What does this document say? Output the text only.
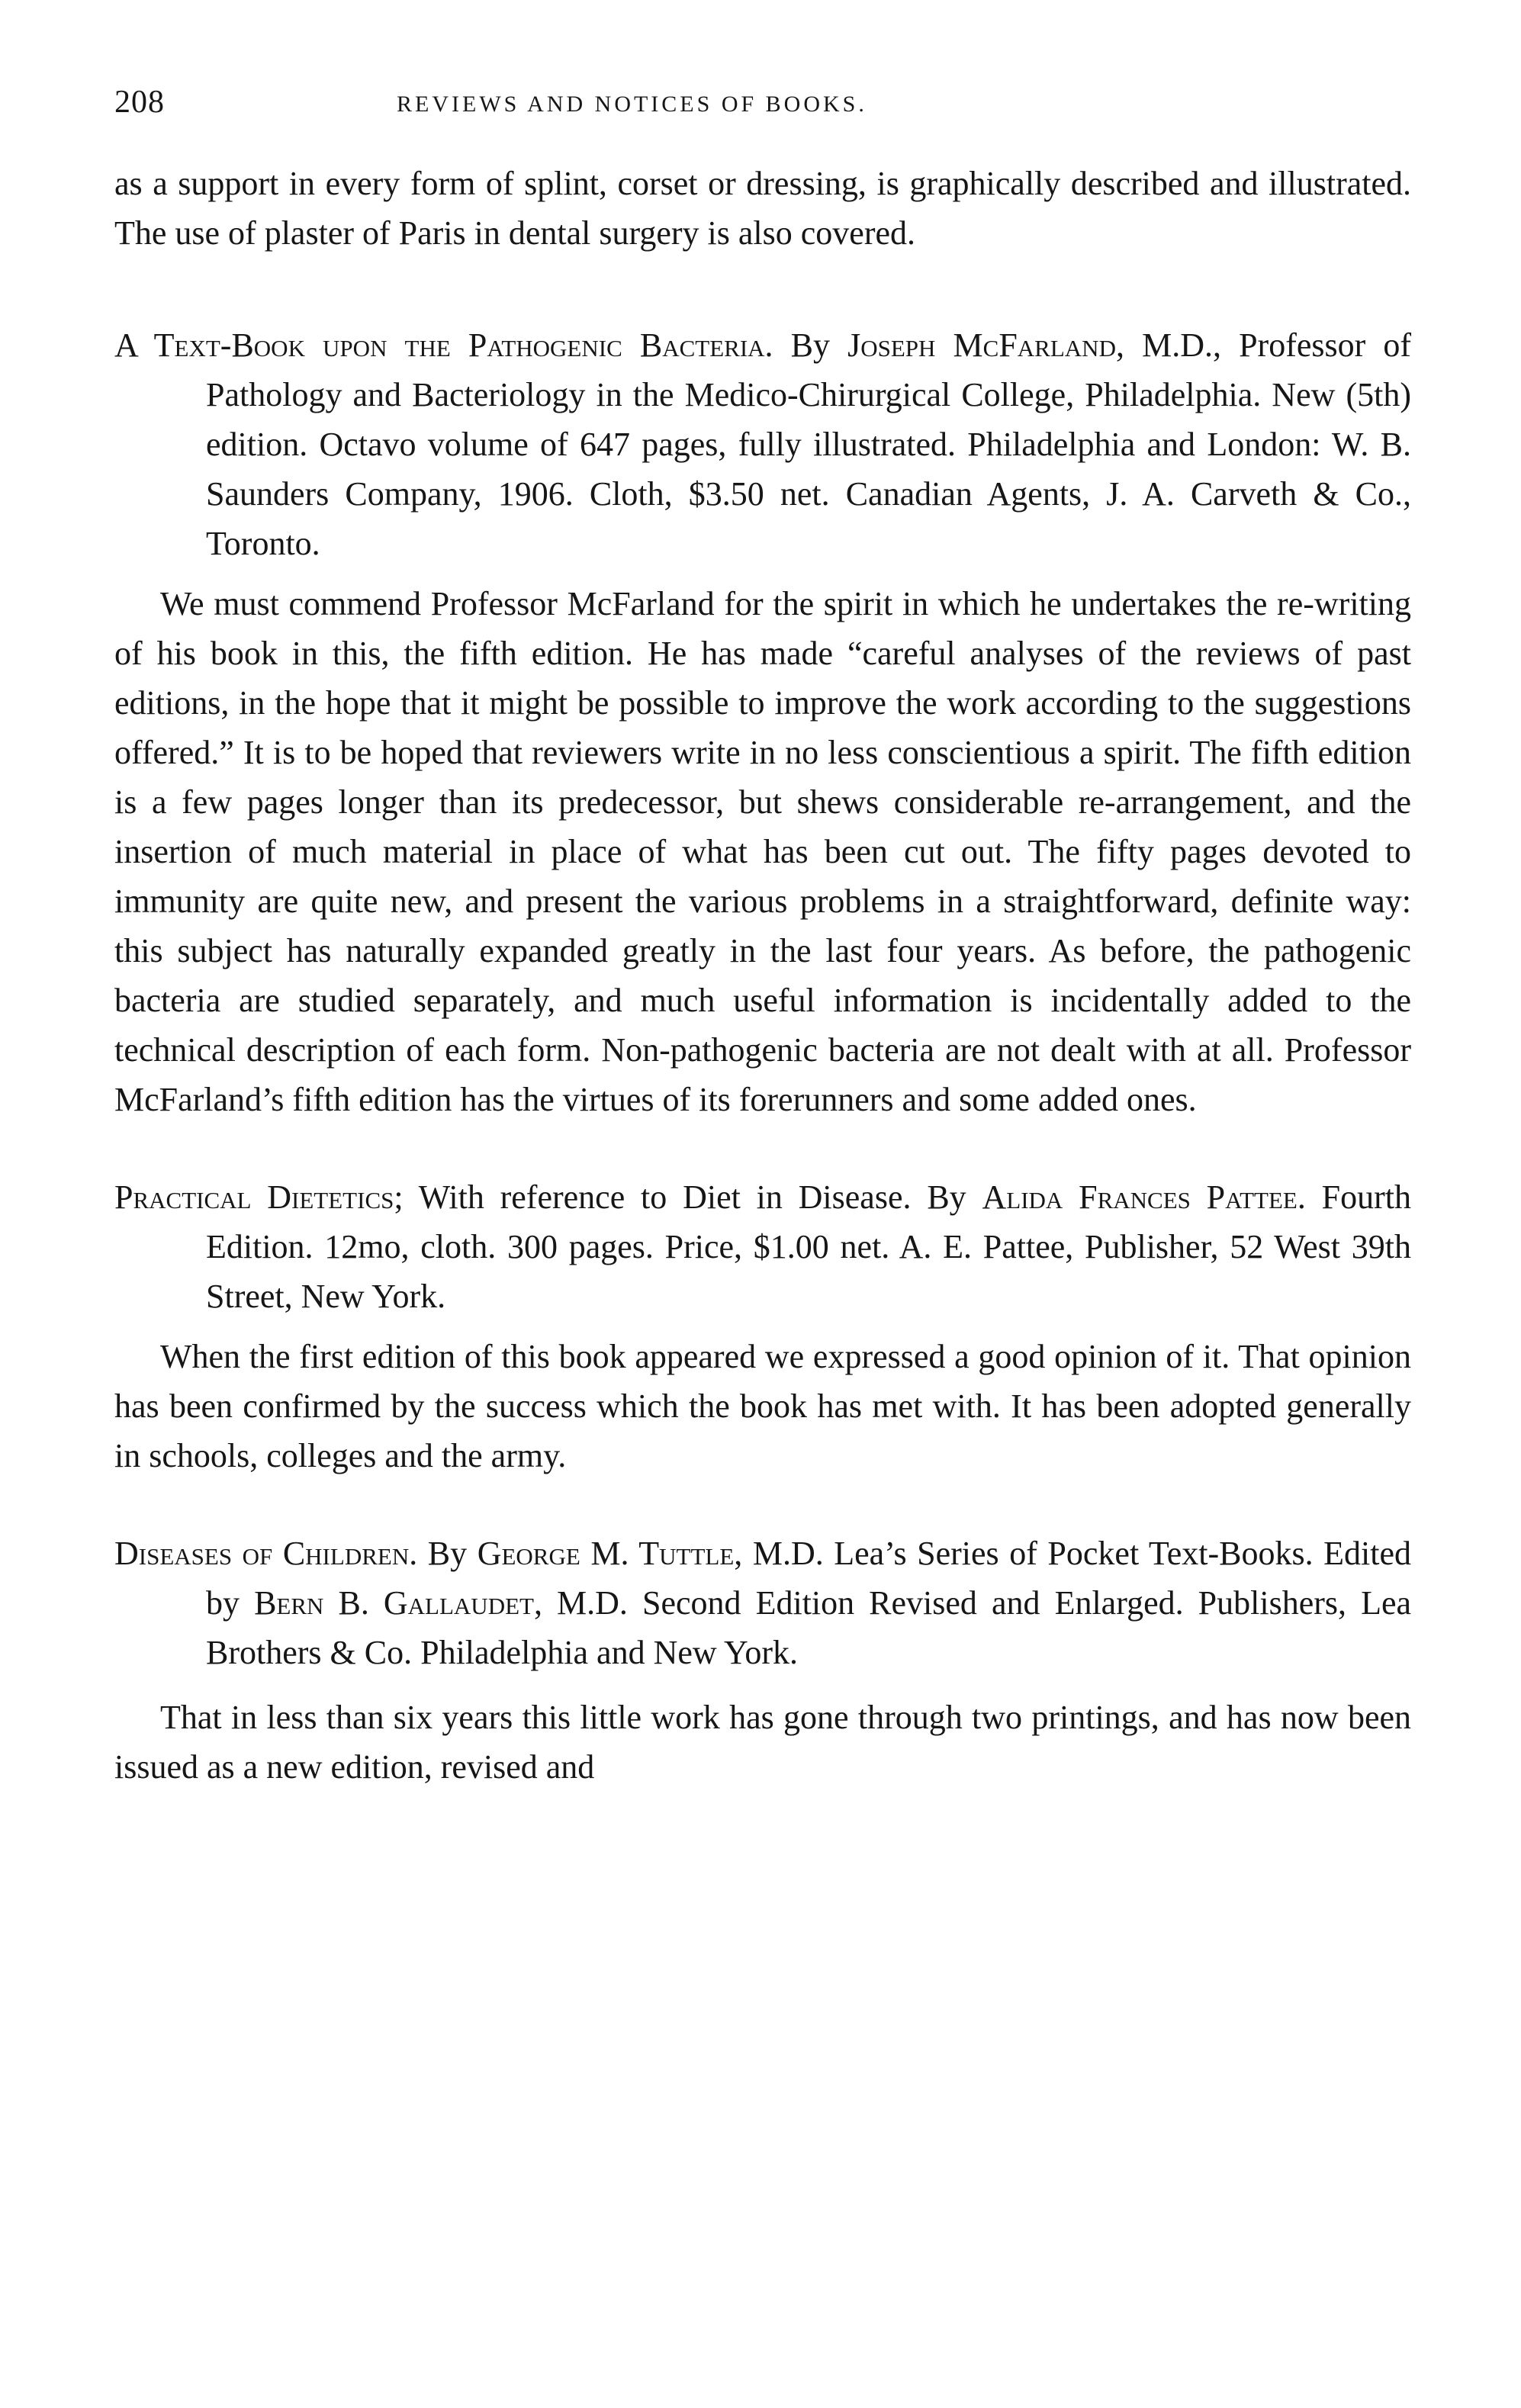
208	REVIEWS AND NOTICES OF BOOKS.

as a support in every form of splint, corset or dressing, is graphically described and illustrated. The use of plaster of Paris in dental surgery is also covered.

A Text-Book upon the Pathogenic Bacteria. By Joseph McFarland, M.D., Professor of Pathology and Bacteriology in the Medico-Chirurgical College, Philadelphia. New (5th) edition. Octavo volume of 647 pages, fully illustrated. Philadelphia and London: W. B. Saunders Company, 1906. Cloth, $3.50 net. Canadian Agents, J. A. Carveth & Co., Toronto.

We must commend Professor McFarland for the spirit in which he undertakes the re-writing of his book in this, the fifth edition. He has made “careful analyses of the reviews of past editions, in the hope that it might be possible to improve the work according to the suggestions offered.” It is to be hoped that reviewers write in no less conscientious a spirit. The fifth edition is a few pages longer than its predecessor, but shews considerable re-arrangement, and the insertion of much material in place of what has been cut out. The fifty pages devoted to immunity are quite new, and present the various problems in a straightforward, definite way: this subject has naturally expanded greatly in the last four years. As before, the pathogenic bacteria are studied separately, and much useful information is incidentally added to the technical description of each form. Non-pathogenic bacteria are not dealt with at all. Professor McFarland’s fifth edition has the virtues of its forerunners and some added ones.

Practical Dietetics; With reference to Diet in Disease. By Alida Frances Pattee. Fourth Edition. 12mo, cloth. 300 pages. Price, $1.00 net. A. E. Pattee, Publisher, 52 West 39th Street, New York.

When the first edition of this book appeared we expressed a good opinion of it. That opinion has been confirmed by the success which the book has met with. It has been adopted generally in schools, colleges and the army.

Diseases of Children. By George M. Tuttle, M.D. Lea’s Series of Pocket Text-Books. Edited by Bern B. Gallaudet, M.D. Second Edition Revised and Enlarged. Publishers, Lea Brothers & Co. Philadelphia and New York.

That in less than six years this little work has gone through two printings, and has now been issued as a new edition, revised and
